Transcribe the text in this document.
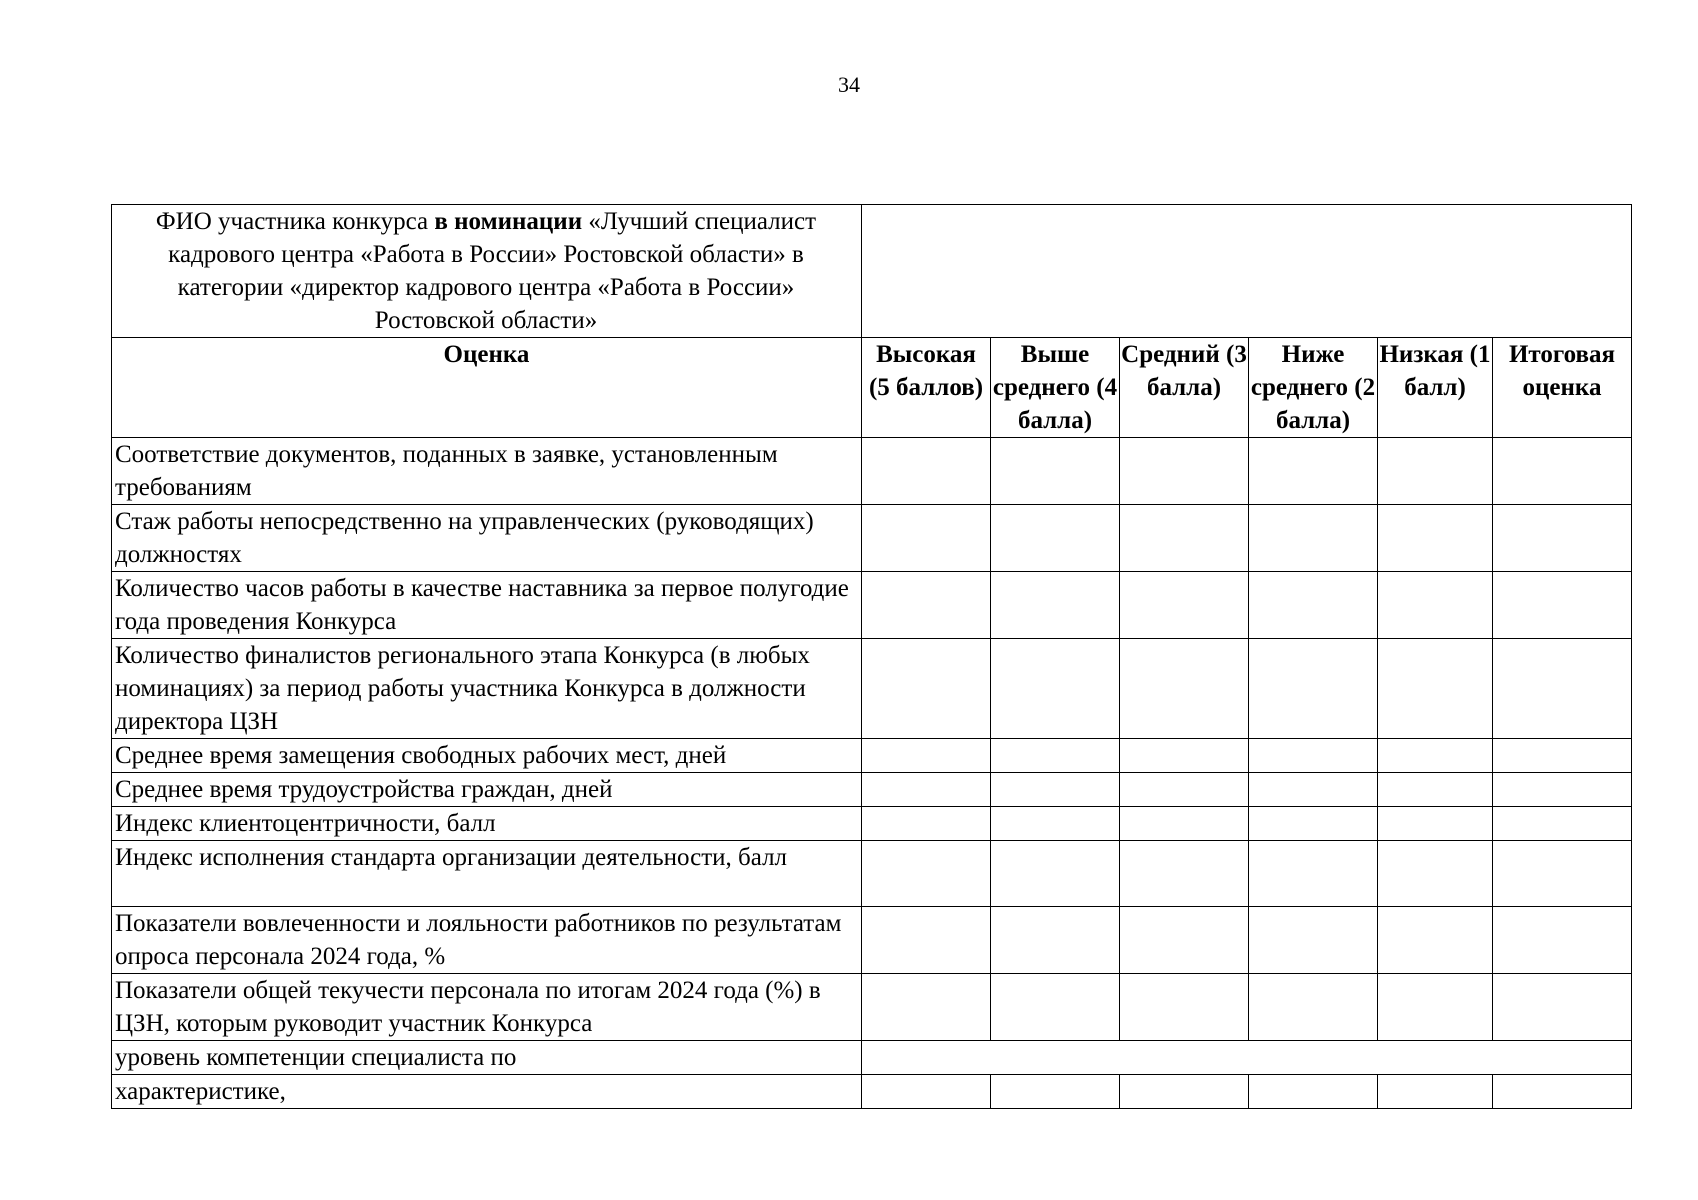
34
ФИО участника конкурса в номинации «Лучший специалист кадрового центра «Работа в России» Ростовской области» в категории «директор кадрового центра «Работа в России» Ростовской области»						
Оценка	Высокая (5 баллов)	Выше среднего (4 балла)	Средний (3 балла)	Ниже среднего (2 балла)	Низкая (1 балл)	Итоговая оценка
Соответствие документов, поданных в заявке, установленным требованиям						
Стаж работы непосредственно на управленческих (руководящих) должностях						
Количество часов работы в качестве наставника за первое полугодие года проведения Конкурса						
Количество финалистов регионального этапа Конкурса (в любых номинациях) за период работы участника Конкурса в должности директора ЦЗН						
Среднее время замещения свободных рабочих мест, дней						
Среднее время трудоустройства граждан, дней						
Индекс клиентоцентричности, балл						
Индекс исполнения стандарта организации деятельности, балл						
Показатели вовлеченности и лояльности работников по результатам опроса персонала 2024 года, %						
Показатели общей текучести персонала по итогам 2024 года (%) в ЦЗН, которым руководит участник Конкурса						
уровень компетенции специалиста по						
характеристике,						
